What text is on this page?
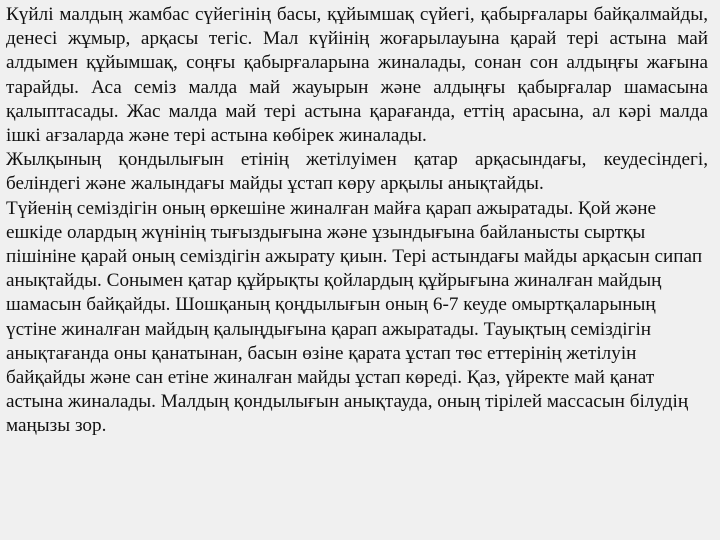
Күйлі малдың жамбас сүйегінің басы, құйымшақ сүйегі, қабырғалары байқалмайды, денесі жұмыр, арқасы тегіс. Мал күйінің жоғарылауына қарай тері астына май алдымен құйымшақ, соңғы қабырғаларына жиналады, сонан сон алдыңғы жағына тарайды. Аса семіз малда май жауырын және алдыңғы қабырғалар шамасына қалыптасады. Жас малда май тері астына қарағанда, еттің арасына, ал кәрі малда ішкі ағзаларда және тері астына көбірек жиналады.

Жылқының қондылығын етінің жетілуімен қатар арқасындағы, кеудесіндегі, беліндегі және жалындағы майды ұстап көру арқылы анықтайды.

Түйенің семіздігін оның өркешіне жиналған майға қарап ажыратады. Қой және ешкіде олардың жүнінің тығыздығына және ұзындығына байланысты сыртқы пішініне қарай оның семіздігін ажырату қиын. Тері астындағы майды арқасын сипап анықтайды. Сонымен қатар құйрықты қойлардың құйрығына жиналған майдың шамасын байқайды. Шошқаның қоңдылығын оның 6-7 кеуде омыртқаларының үстіне жиналған майдың қалыңдығына қарап ажыратады. Тауықтың семіздігін анықтағанда оны қанатынан, басын өзіне қарата ұстап төс еттерінің жетілуін байқайды және сан етіне жиналған майды ұстап көреді. Қаз, үйректе май қанат астына жиналады. Малдың қондылығын анықтауда, оның тірілей массасын білудің маңызы зор.
